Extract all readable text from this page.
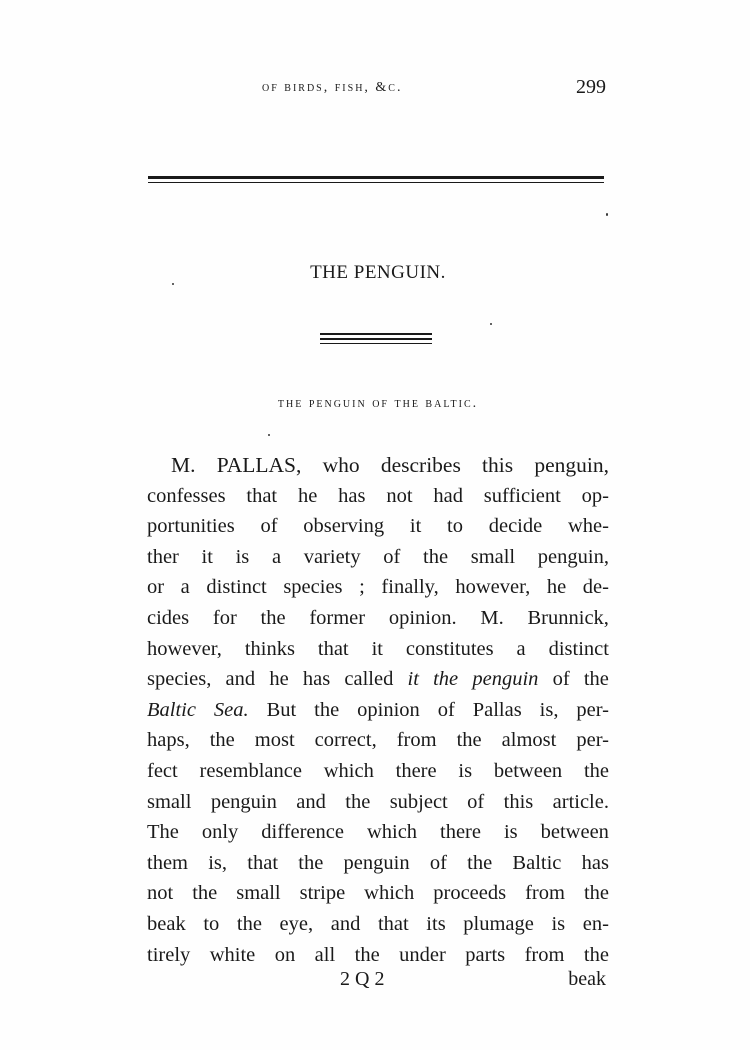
of birds, fish, &c.	299
THE PENGUIN.
the penguin of the baltic.
M. PALLAS, who describes this penguin,
confesses that he has not had sufficient op-
portunities of observing it to decide whe-
ther it is a variety of the small penguin,
or a distinct species ; finally, however, he de-
cides for the former opinion. M. Brunnick,
however, thinks that it constitutes a distinct
species, and he has called it the penguin of the
Baltic Sea. But the opinion of Pallas is, per-
haps, the most correct, from the almost per-
fect resemblance which there is between the
small penguin and the subject of this article.
The only difference which there is between
them is, that the penguin of the Baltic has
not the small stripe which proceeds from the
beak to the eye, and that its plumage is en-
tirely white on all the under parts from the
2 Q 2	beak
